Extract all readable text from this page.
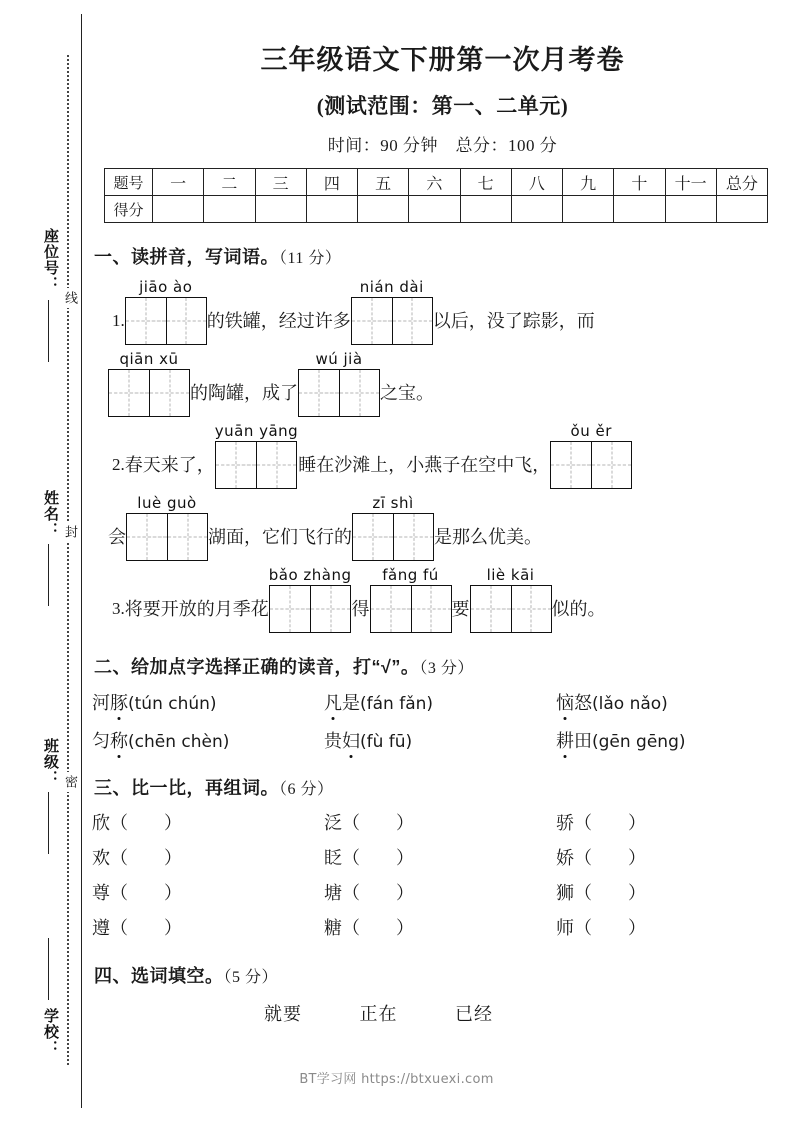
座位号：
姓名：
班级：
学校：
线
封
密
三年级语文下册第一次月考卷
(测试范围：第一、二单元)
时间：90 分钟　总分：100 分
题号	一	二	三	四	五	六	七	八	九	十	十一	总分
得分												
一、读拼音，写词语。（11 分）
1.
jiāo ào
的铁罐，经过许多
nián dài
以后，没了踪影，而
qiān xū
的陶罐，成了
wú jià
之宝。
2. 春天来了，
yuān yāng
睡在沙滩上，小燕子在空中飞，
ǒu ěr
会
luè guò
湖面，它们飞行的
zī shì
是那么优美。
3. 将要开放的月季花
bǎo zhàng
得
fǎng fú
要
liè kāi
似的。
二、给加点字选择正确的读音，打“√”。（3 分）
河豚(tún chún)	凡是(fán fǎn)	恼怒(lǎo nǎo)
匀称(chēn chèn)	贵妇(fù fū)	耕田(gēn gēng)
三、比一比，再组词。（6 分）
欣（　　）	泛（　　）	骄（　　）
欢（　　）	眨（　　）	娇（　　）
尊（　　）	塘（　　）	狮（　　）
遵（　　）	糖（　　）	师（　　）
四、选词填空。（5 分）
就要	正在	已经
BT学习网 https://btxuexi.com
